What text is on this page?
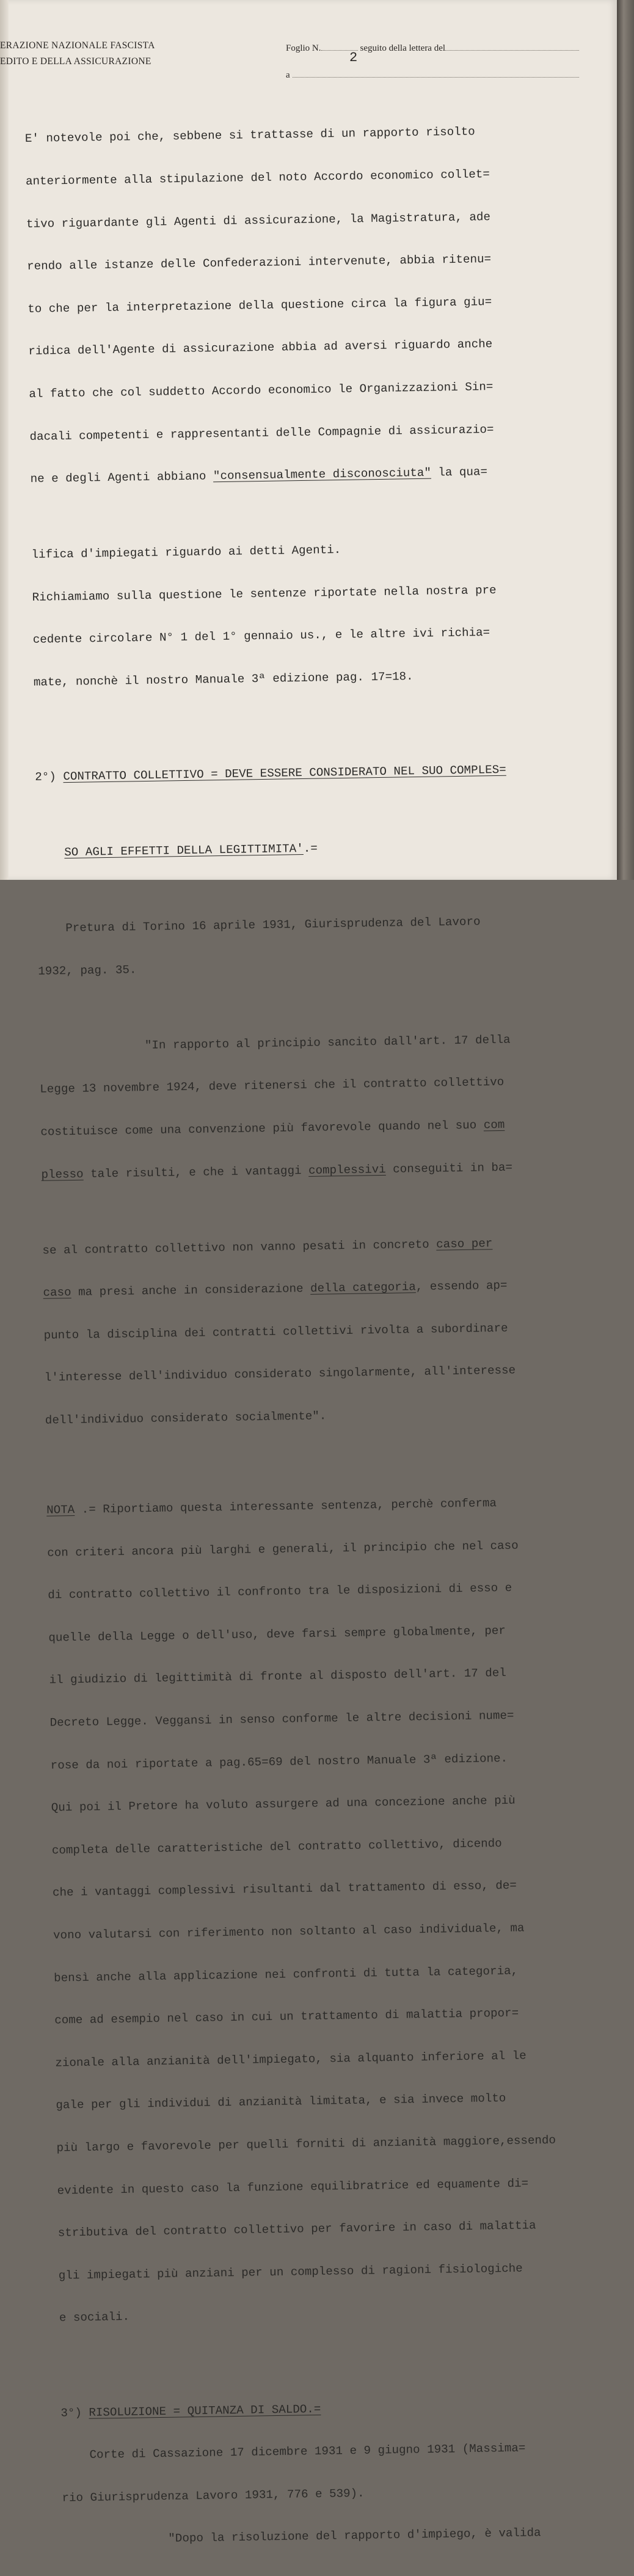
ERAZIONE NAZIONALE FASCISTA
EDITO E DELLA ASSICURAZIONE
Foglio N.	seguito della lettera del
a
2

E' notevole poi che, sebbene si trattasse di un rapporto risolto

anteriormente alla stipulazione del noto Accordo economico collet=

tivo riguardante gli Agenti di assicurazione, la Magistratura, ade

rendo alle istanze delle Confederazioni intervenute, abbia ritenu=

to che per la interpretazione della questione circa la figura giu=

ridica dell'Agente di assicurazione abbia ad aversi riguardo anche

al fatto che col suddetto Accordo economico le Organizzazioni Sin=

dacali competenti e rappresentanti delle Compagnie di assicurazio=

ne e degli Agenti abbiano "consensualmente disconosciuta" la qua=

lifica d'impiegati riguardo ai detti Agenti.

Richiamiamo sulla questione le sentenze riportate nella nostra pre

cedente circolare N° 1 del 1° gennaio us., e le altre ivi richia=

mate, nonchè il nostro Manuale 3ª edizione pag. 17=18.

2°) CONTRATTO COLLETTIVO = DEVE ESSERE CONSIDERATO NEL SUO COMPLES=

SO AGLI EFFETTI DELLA LEGITTIMITA'.=

Pretura di Torino 16 aprile 1931, Giurisprudenza del Lavoro

1932, pag. 35.

"In rapporto al principio sancito dall'art. 17 della

Legge 13 novembre 1924, deve ritenersi che il contratto collettivo

costituisce come una convenzione più favorevole quando nel suo com

plesso tale risulti, e che i vantaggi complessivi conseguiti in ba=

se al contratto collettivo non vanno pesati in concreto caso per

caso ma presi anche in considerazione della categoria, essendo ap=

punto la disciplina dei contratti collettivi rivolta a subordinare

l'interesse dell'individuo considerato singolarmente, all'interesse

dell'individuo considerato socialmente".

NOTA .= Riportiamo questa interessante sentenza, perchè conferma

con criteri ancora più larghi e generali, il principio che nel caso

di contratto collettivo il confronto tra le disposizioni di esso e

quelle della Legge o dell'uso, deve farsi sempre globalmente, per

il giudizio di legittimità di fronte al disposto dell'art. 17 del

Decreto Legge. Veggansi in senso conforme le altre decisioni nume=

rose da noi riportate a pag.65=69 del nostro Manuale 3ª edizione.

Qui poi il Pretore ha voluto assurgere ad una concezione anche più

completa delle caratteristiche del contratto collettivo, dicendo

che i vantaggi complessivi risultanti dal trattamento di esso, de=

vono valutarsi con riferimento non soltanto al caso individuale, ma

bensì anche alla applicazione nei confronti di tutta la categoria,

come ad esempio nel caso in cui un trattamento di malattia propor=

zionale alla anzianità dell'impiegato, sia alquanto inferiore al le

gale per gli individui di anzianità limitata, e sia invece molto

più largo e favorevole per quelli forniti di anzianità maggiore,essendo

evidente in questo caso la funzione equilibratrice ed equamente di=

stributiva del contratto collettivo per favorire in caso di malattia

gli impiegati più anziani per un complesso di ragioni fisiologiche

e sociali.

3°) RISOLUZIONE = QUITANZA DI SALDO.=

Corte di Cassazione 17 dicembre 1931 e 9 giugno 1931 (Massima=

rio Giurisprudenza Lavoro 1931, 776 e 539).

"Dopo la risoluzione del rapporto d'impiego, è valida
